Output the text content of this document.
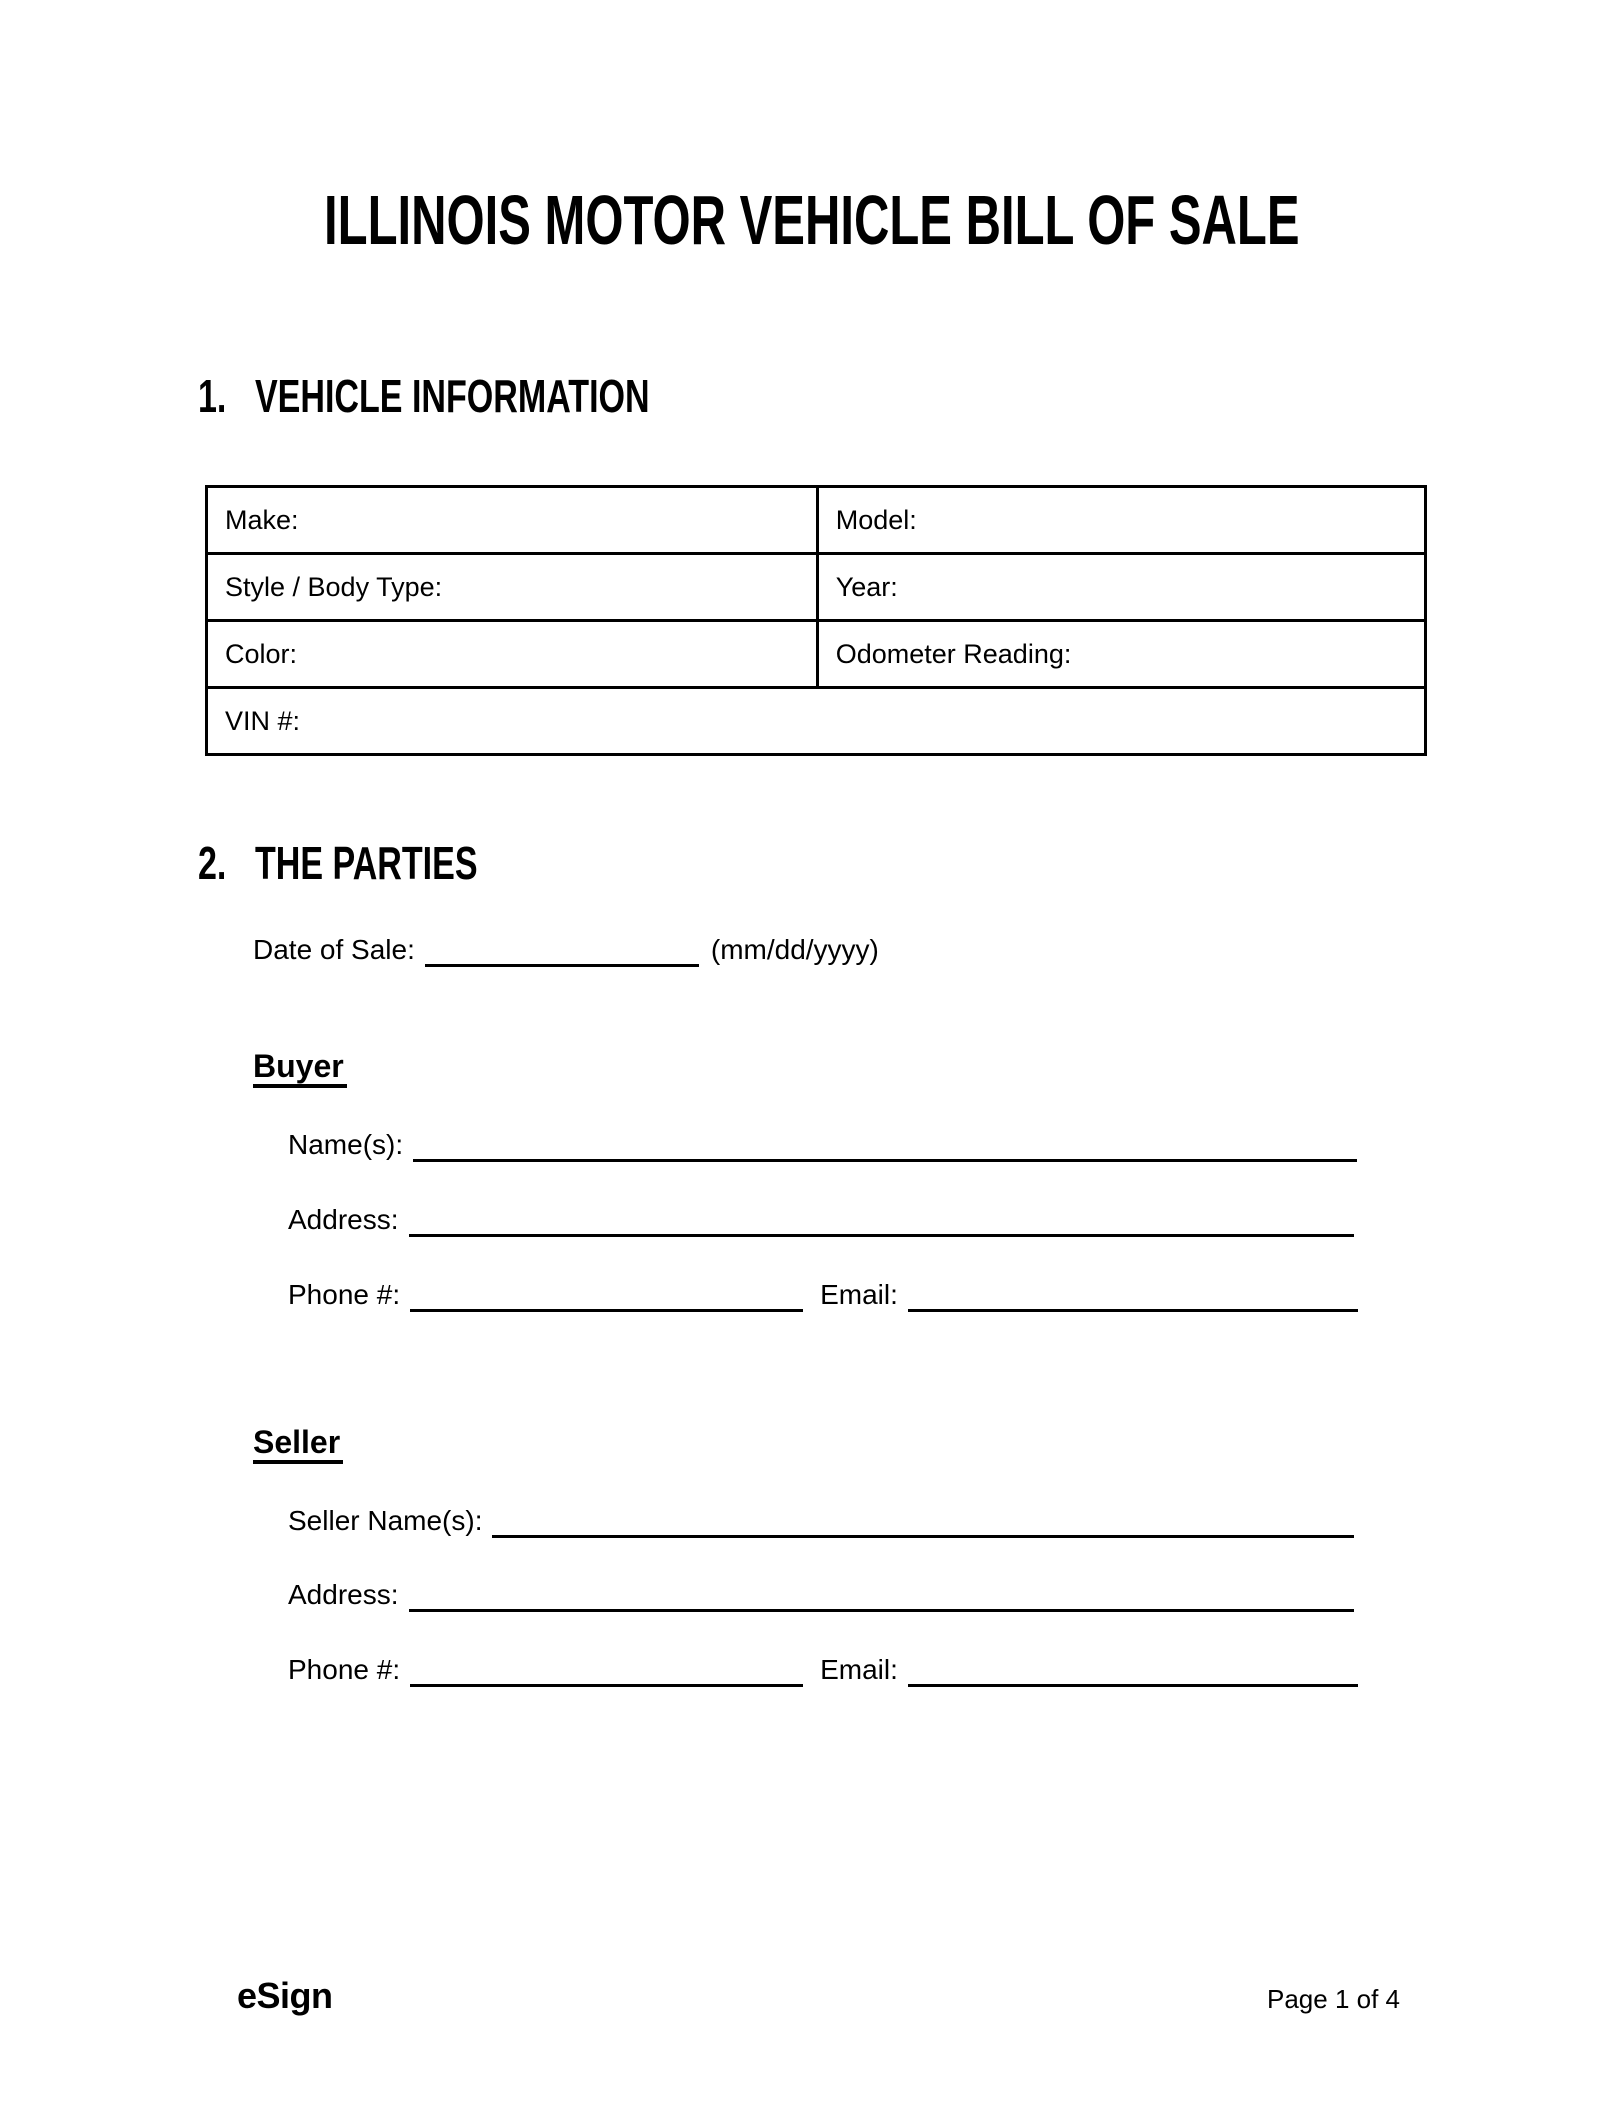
ILLINOIS MOTOR VEHICLE BILL OF SALE
1. VEHICLE INFORMATION
Make:	Model:
Style / Body Type:	Year:
Color:	Odometer Reading:
VIN #:	
2. THE PARTIES
Date of Sale:	(mm/dd/yyyy)
Buyer
Name(s):
Address:
Phone #:	Email:
Seller
Seller Name(s):
Address:
Phone #:	Email:
eSign	Page 1 of 4
